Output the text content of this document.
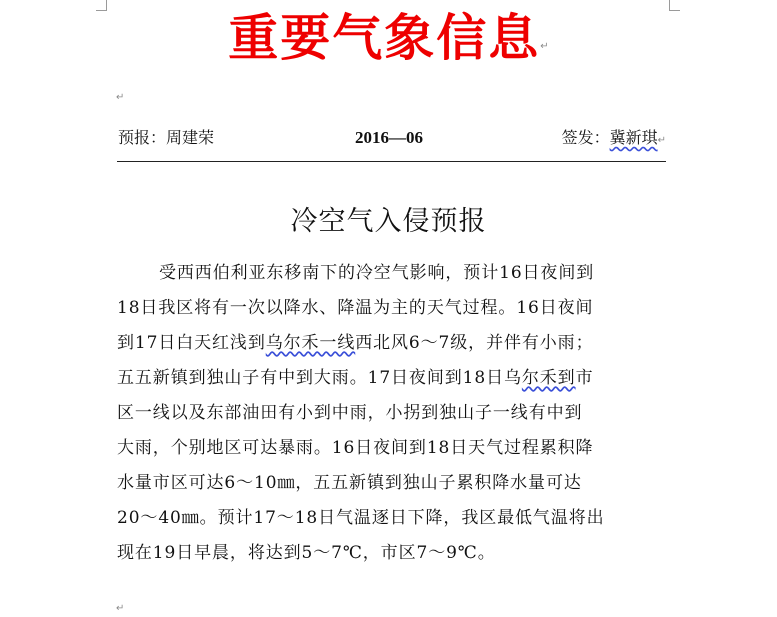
重要气象信息↵
↵
预报：周建荣	2016—06	签发：冀新琪↵
冷空气入侵预报
受西西伯利亚东移南下的冷空气影响，预计16日夜间到
18日我区将有一次以降水、降温为主的天气过程。16日夜间
到17日白天红浅到乌尔禾一线西北风6～7级，并伴有小雨；
五五新镇到独山子有中到大雨。17日夜间到18日乌尔禾到市
区一线以及东部油田有小到中雨，小拐到独山子一线有中到
大雨，个别地区可达暴雨。16日夜间到18日天气过程累积降
水量市区可达6～10㎜，五五新镇到独山子累积降水量可达
20～40㎜。预计17～18日气温逐日下降，我区最低气温将出
现在19日早晨，将达到5～7℃，市区7～9℃。
↵
